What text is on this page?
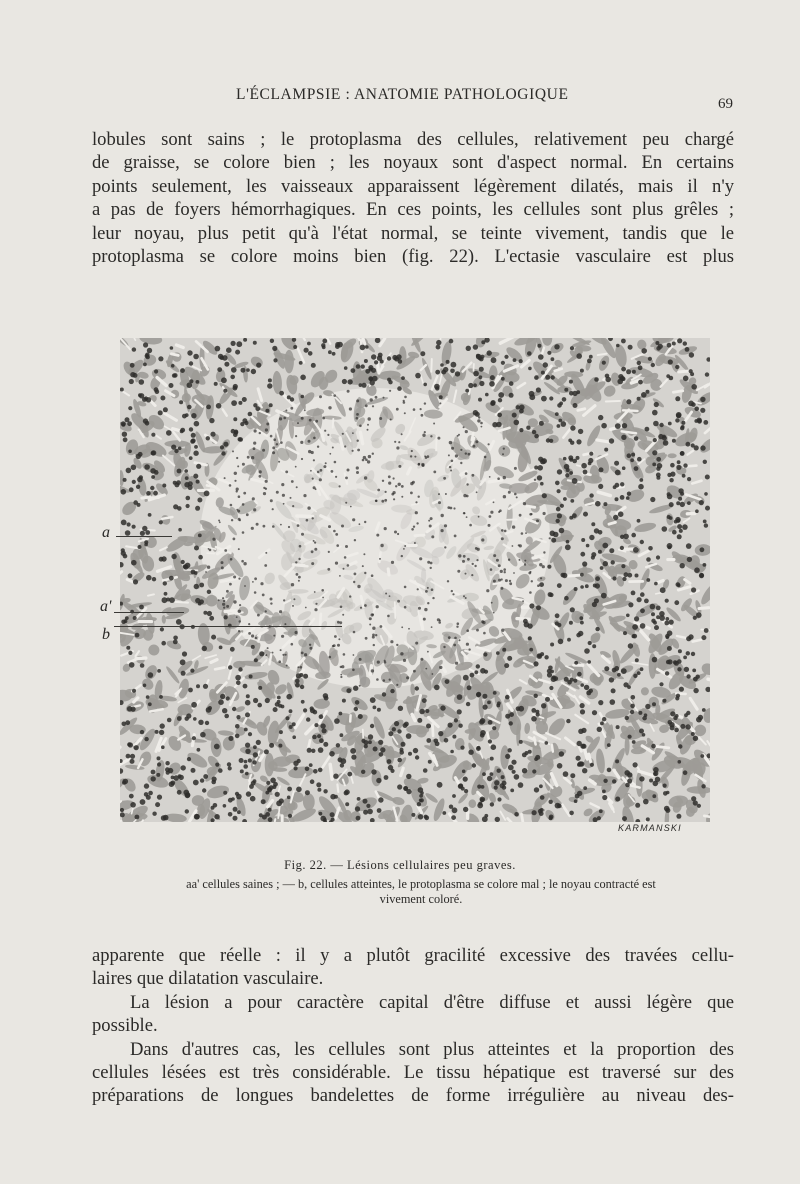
L'ÉCLAMPSIE : ANATOMIE PATHOLOGIQUE
69
lobules sont sains ; le protoplasma des cellules, relativement peu chargé
de graisse, se colore bien ; les noyaux sont d'aspect normal. En certains
points seulement, les vaisseaux apparaissent légèrement dilatés, mais il n'y
a pas de foyers hémorrhagiques. En ces points, les cellules sont plus grêles ;
leur noyau, plus petit qu'à l'état normal, se teinte vivement, tandis que le
protoplasma se colore moins bien (fig. 22). L'ectasie vasculaire est plus
a
a'
b
KARMANSKI
Fig. 22. — Lésions cellulaires peu graves.
aa' cellules saines ; — b, cellules atteintes, le protoplasma se colore mal ; le noyau contracté est
vivement coloré.
apparente que réelle : il y a plutôt gracilité excessive des travées cellu-
laires que dilatation vasculaire.
La lésion a pour caractère capital d'être diffuse et aussi légère que
possible.
Dans d'autres cas, les cellules sont plus atteintes et la proportion des
cellules lésées est très considérable. Le tissu hépatique est traversé sur des
préparations de longues bandelettes de forme irrégulière au niveau des-
